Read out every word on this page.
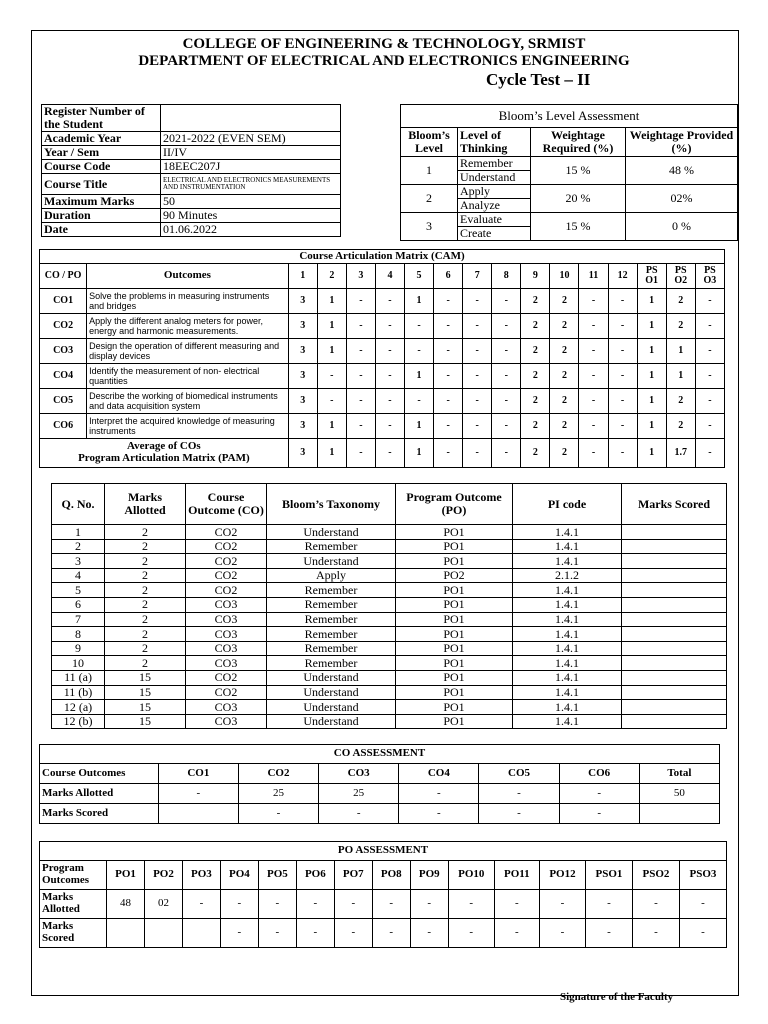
COLLEGE OF ENGINEERING & TECHNOLOGY, SRMIST
DEPARTMENT OF ELECTRICAL AND ELECTRONICS ENGINEERING
Cycle Test – II
Register Number of the Student	
Academic Year	2021-2022 (EVEN SEM)
Year / Sem	II/IV
Course Code	18EEC207J
Course Title	ELECTRICAL AND ELECTRONICS MEASUREMENTS AND INSTRUMENTATION
Maximum Marks	50
Duration	90 Minutes
Date	01.06.2022
Bloom’s Level Assessment			
Bloom’s Level	Level of Thinking	Weightage Required (%)	Weightage Provided (%)
1	Remember	15 %	48 %
	Understand		
2	Apply	20 %	02%
	Analyze		
3	Evaluate	15 %	0 %
	Create		
Course Articulation Matrix (CAM)																
CO / PO	Outcomes	1	2	3	4	5	6	7	8	9	10	11	12	PS O1	PS O2	PS O3
CO1	Solve the problems in measuring instruments and bridges	3	1	-	-	1	-	-	-	2	2	-	-	1	2	-
CO2	Apply the different analog meters for power, energy and harmonic measurements.	3	1	-	-	-	-	-	-	2	2	-	-	1	2	-
CO3	Design the operation of different measuring and display devices	3	1	-	-	-	-	-	-	2	2	-	-	1	1	-
CO4	Identify the measurement of non- electrical quantities	3	-	-	-	1	-	-	-	2	2	-	-	1	1	-
CO5	Describe the working of biomedical instruments and data acquisition system	3	-	-	-	-	-	-	-	2	2	-	-	1	2	-
CO6	Interpret the acquired knowledge of measuring instruments	3	1	-	-	1	-	-	-	2	2	-	-	1	2	-
Average of COs
Program Articulation Matrix (PAM)		3	1	-	-	1	-	-	-	2	2	-	-	1	1.7	-
Q. No.	Marks Allotted	Course Outcome (CO)	Bloom’s Taxonomy	Program Outcome (PO)	PI code	Marks Scored
1	2	CO2	Understand	PO1	1.4.1	
2	2	CO2	Remember	PO1	1.4.1	
3	2	CO2	Understand	PO1	1.4.1	
4	2	CO2	Apply	PO2	2.1.2	
5	2	CO2	Remember	PO1	1.4.1	
6	2	CO3	Remember	PO1	1.4.1	
7	2	CO3	Remember	PO1	1.4.1	
8	2	CO3	Remember	PO1	1.4.1	
9	2	CO3	Remember	PO1	1.4.1	
10	2	CO3	Remember	PO1	1.4.1	
11 (a)	15	CO2	Understand	PO1	1.4.1	
11 (b)	15	CO2	Understand	PO1	1.4.1	
12 (a)	15	CO3	Understand	PO1	1.4.1	
12 (b)	15	CO3	Understand	PO1	1.4.1	
CO ASSESSMENT							
Course Outcomes	CO1	CO2	CO3	CO4	CO5	CO6	Total
Marks Allotted	-	25	25	-	-	-	50
Marks Scored		-	-	-	-	-	
PO ASSESSMENT															
Program Outcomes	PO1	PO2	PO3	PO4	PO5	PO6	PO7	PO8	PO9	PO10	PO11	PO12	PSO1	PSO2	PSO3
Marks Allotted	48	02	-	-	-	-	-	-	-	-	-	-	-	-	-
Marks Scored				-	-	-	-	-	-	-	-	-	-	-	-
Signature of the Faculty
